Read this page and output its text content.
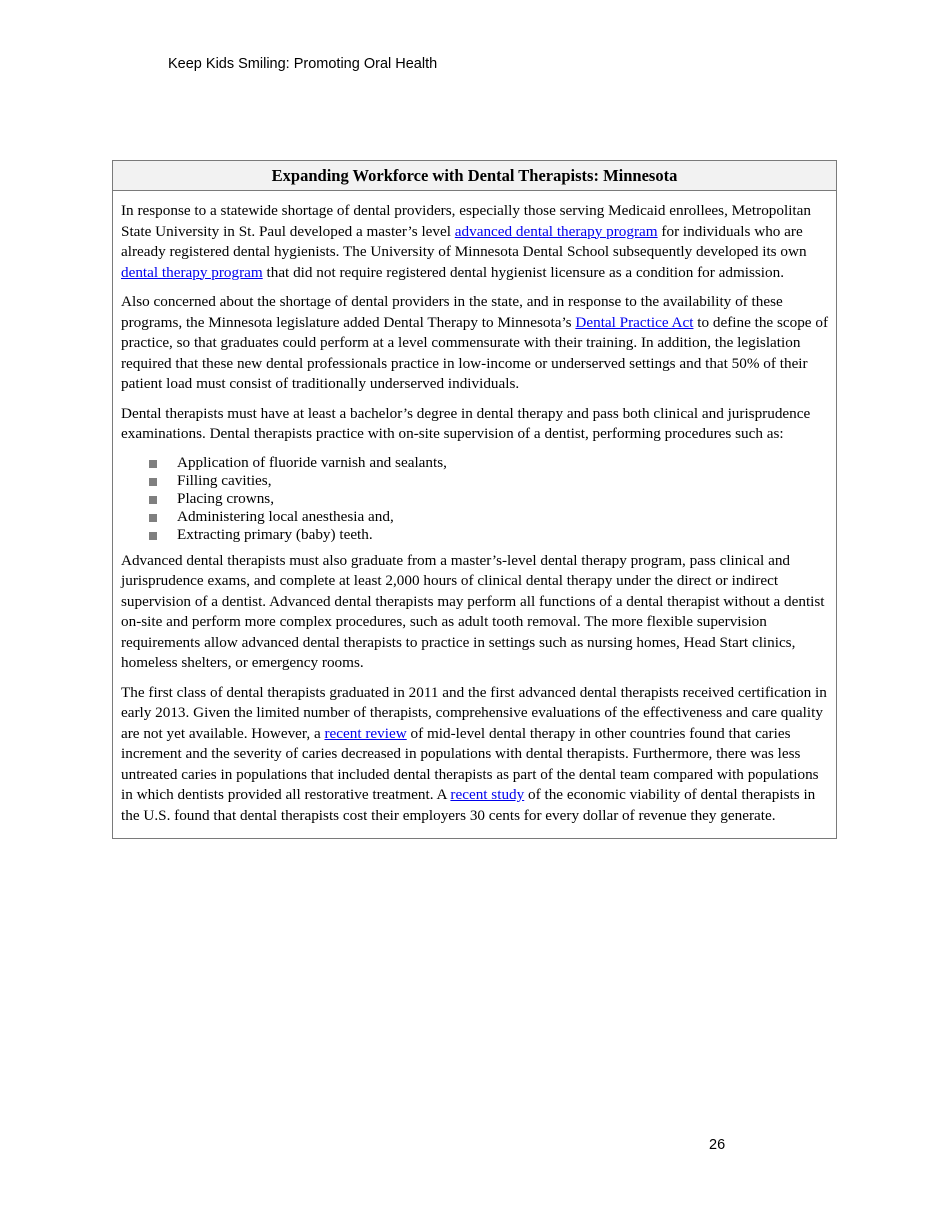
Keep Kids Smiling: Promoting Oral Health
Expanding Workforce with Dental Therapists: Minnesota

In response to a statewide shortage of dental providers, especially those serving Medicaid enrollees, Metropolitan State University in St. Paul developed a master’s level advanced dental therapy program for individuals who are already registered dental hygienists. The University of Minnesota Dental School subsequently developed its own dental therapy program that did not require registered dental hygienist licensure as a condition for admission.

Also concerned about the shortage of dental providers in the state, and in response to the availability of these programs, the Minnesota legislature added Dental Therapy to Minnesota’s Dental Practice Act to define the scope of practice, so that graduates could perform at a level commensurate with their training. In addition, the legislation required that these new dental professionals practice in low-income or underserved settings and that 50% of their patient load must consist of traditionally underserved individuals.

Dental therapists must have at least a bachelor’s degree in dental therapy and pass both clinical and jurisprudence examinations. Dental therapists practice with on-site supervision of a dentist, performing procedures such as:

Application of fluoride varnish and sealants,
Filling cavities,
Placing crowns,
Administering local anesthesia and,
Extracting primary (baby) teeth.

Advanced dental therapists must also graduate from a master’s-level dental therapy program, pass clinical and jurisprudence exams, and complete at least 2,000 hours of clinical dental therapy under the direct or indirect supervision of a dentist. Advanced dental therapists may perform all functions of a dental therapist without a dentist on-site and perform more complex procedures, such as adult tooth removal. The more flexible supervision requirements allow advanced dental therapists to practice in settings such as nursing homes, Head Start clinics, homeless shelters, or emergency rooms.

The first class of dental therapists graduated in 2011 and the first advanced dental therapists received certification in early 2013. Given the limited number of therapists, comprehensive evaluations of the effectiveness and care quality are not yet available. However, a recent review of mid-level dental therapy in other countries found that caries increment and the severity of caries decreased in populations with dental therapists. Furthermore, there was less untreated caries in populations that included dental therapists as part of the dental team compared with populations in which dentists provided all restorative treatment. A recent study of the economic viability of dental therapists in the U.S. found that dental therapists cost their employers 30 cents for every dollar of revenue they generate.

26
